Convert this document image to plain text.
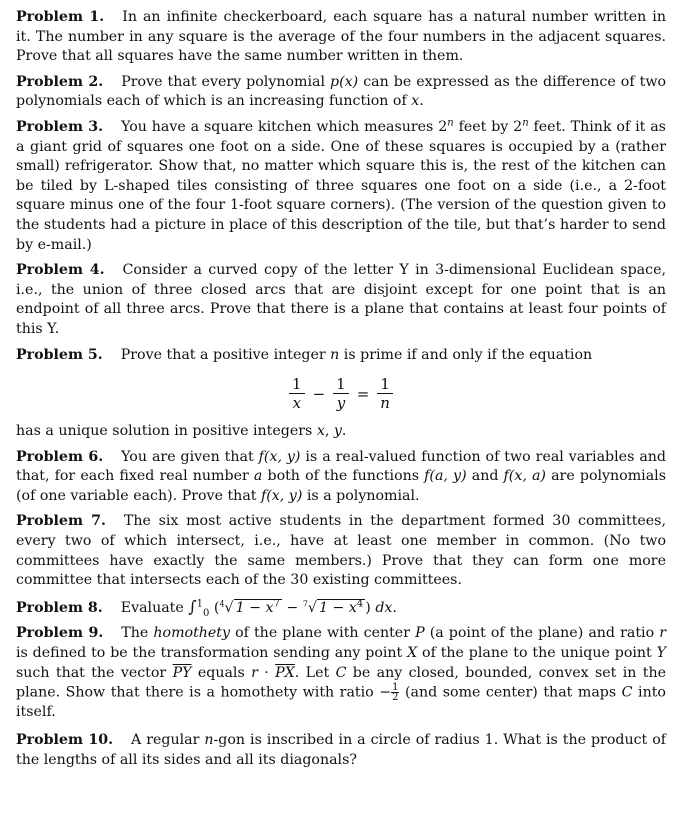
Problem 1. In an infinite checkerboard, each square has a natural number written in it. The number in any square is the average of the four numbers in the adjacent squares. Prove that all squares have the same number written in them.

Problem 2. Prove that every polynomial p(x) can be expressed as the difference of two polynomials each of which is an increasing function of x.

Problem 3. You have a square kitchen which measures 2$^n$ feet by 2$^n$ feet. Think of it as a giant grid of squares one foot on a side. One of these squares is occupied by a (rather small) refrigerator. Show that, no matter which square this is, the rest of the kitchen can be tiled by L-shaped tiles consisting of three squares one foot on a side (i.e., a 2-foot square minus one of the four 1-foot square corners). (The version of the question given to the students had a picture in place of this description of the tile, but that’s harder to send by e-mail.)

Problem 4. Consider a curved copy of the letter Y in 3-dimensional Euclidean space, i.e., the union of three closed arcs that are disjoint except for one point that is an endpoint of all three arcs. Prove that there is a plane that contains at least four points of this Y.

Problem 5. Prove that a positive integer n is prime if and only if the equation

$\frac{1}{x} - \frac{1}{y} = \frac{1}{n}$

has a unique solution in positive integers x, y.

Problem 6. You are given that f(x, y) is a real-valued function of two real variables and that, for each fixed real number a both of the functions f(a, y) and f(x, a) are polynomials (of one variable each). Prove that f(x, y) is a polynomial.

Problem 7. The six most active students in the department formed 30 committees, every two of which intersect, i.e., have at least one member in common. (No two committees have exactly the same members.) Prove that they can form one more committee that intersects each of the 30 existing committees.

Problem 8. Evaluate ∫$^1_0$ ($^4$√ $1 - x^7 - ^7√$ $1 - x^4$ ) dx.

Problem 9. The homothety of the plane with center P (a point of the plane) and ratio r is defined to be the transformation sending any point X of the plane to the unique point Y such that the vector $\overline{PY}$ equals $r \cdot \overline{PX}$. Let C be any closed, bounded, convex set in the plane. Show that there is a homothety with ratio − $\frac{1}{2} (and$ some center) that maps C into itself.

Problem 10. A regular n-gon is inscribed in a circle of radius 1. What is the product of the lengths of all its sides and all its diagonals?
